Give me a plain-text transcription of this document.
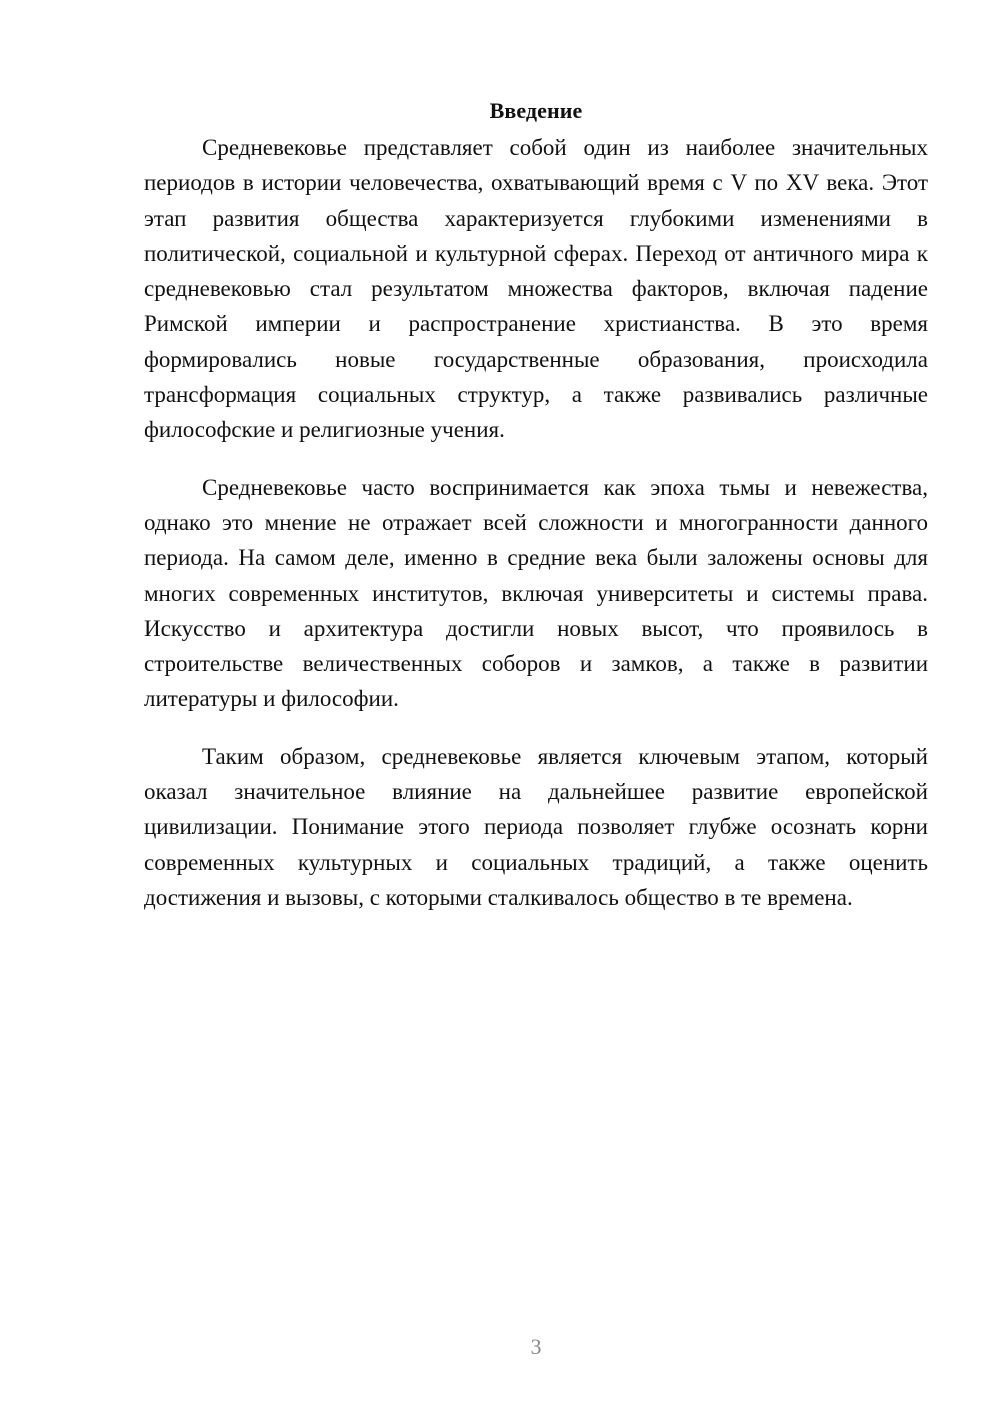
Введение

Средневековье представляет собой один из наиболее значительных периодов в истории человечества, охватывающий время с V по XV века. Этот этап развития общества характеризуется глубокими изменениями в политической, социальной и культурной сферах. Переход от античного мира к средневековью стал результатом множества факторов, включая падение Римской империи и распространение христианства. В это время формировались новые государственные образования, происходила трансформация социальных структур, а также развивались различные философские и религиозные учения.

Средневековье часто воспринимается как эпоха тьмы и невежества, однако это мнение не отражает всей сложности и многогранности данного периода. На самом деле, именно в средние века были заложены основы для многих современных институтов, включая университеты и системы права. Искусство и архитектура достигли новых высот, что проявилось в строительстве величественных соборов и замков, а также в развитии литературы и философии.

Таким образом, средневековье является ключевым этапом, который оказал значительное влияние на дальнейшее развитие европейской цивилизации. Понимание этого периода позволяет глубже осознать корни современных культурных и социальных традиций, а также оценить достижения и вызовы, с которыми сталкивалось общество в те времена.

3
